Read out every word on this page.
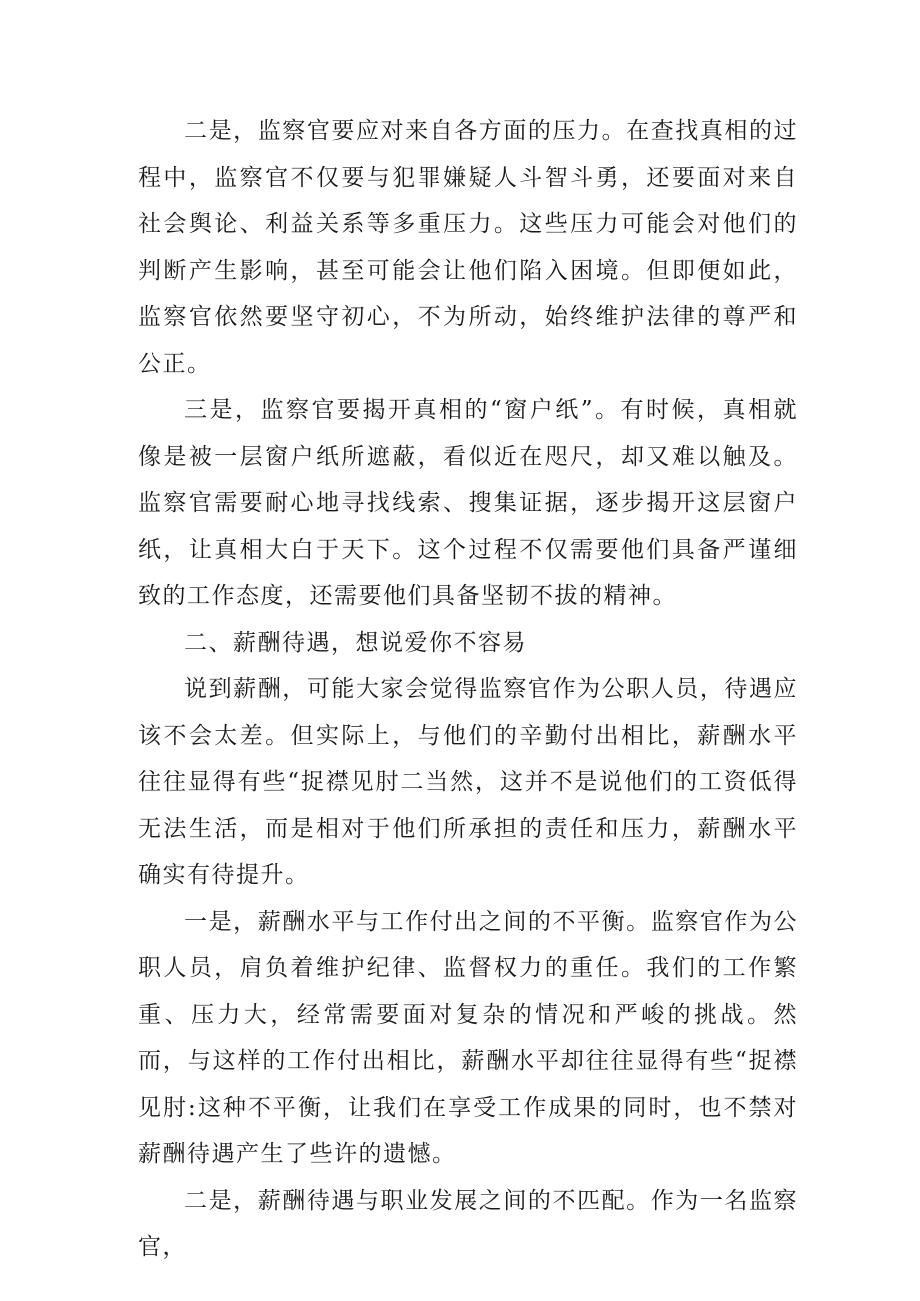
二是，监察官要应对来自各方面的压力。在查找真相的过程中，监察官不仅要与犯罪嫌疑人斗智斗勇，还要面对来自社会舆论、利益关系等多重压力。这些压力可能会对他们的判断产生影响，甚至可能会让他们陷入困境。但即便如此，监察官依然要坚守初心，不为所动，始终维护法律的尊严和公正。

三是，监察官要揭开真相的“窗户纸”。有时候，真相就像是被一层窗户纸所遮蔽，看似近在咫尺，却又难以触及。监察官需要耐心地寻找线索、搜集证据，逐步揭开这层窗户纸，让真相大白于天下。这个过程不仅需要他们具备严谨细致的工作态度，还需要他们具备坚韧不拔的精神。

二、薪酬待遇，想说爱你不容易

说到薪酬，可能大家会觉得监察官作为公职人员，待遇应该不会太差。但实际上，与他们的辛勤付出相比，薪酬水平往往显得有些“捉襟见肘二当然，这并不是说他们的工资低得无法生活，而是相对于他们所承担的责任和压力，薪酬水平确实有待提升。

一是，薪酬水平与工作付出之间的不平衡。监察官作为公职人员，肩负着维护纪律、监督权力的重任。我们的工作繁重、压力大，经常需要面对复杂的情况和严峻的挑战。然而，与这样的工作付出相比，薪酬水平却往往显得有些“捉襟见肘:这种不平衡，让我们在享受工作成果的同时，也不禁对薪酬待遇产生了些许的遗憾。

二是，薪酬待遇与职业发展之间的不匹配。作为一名监察官，
